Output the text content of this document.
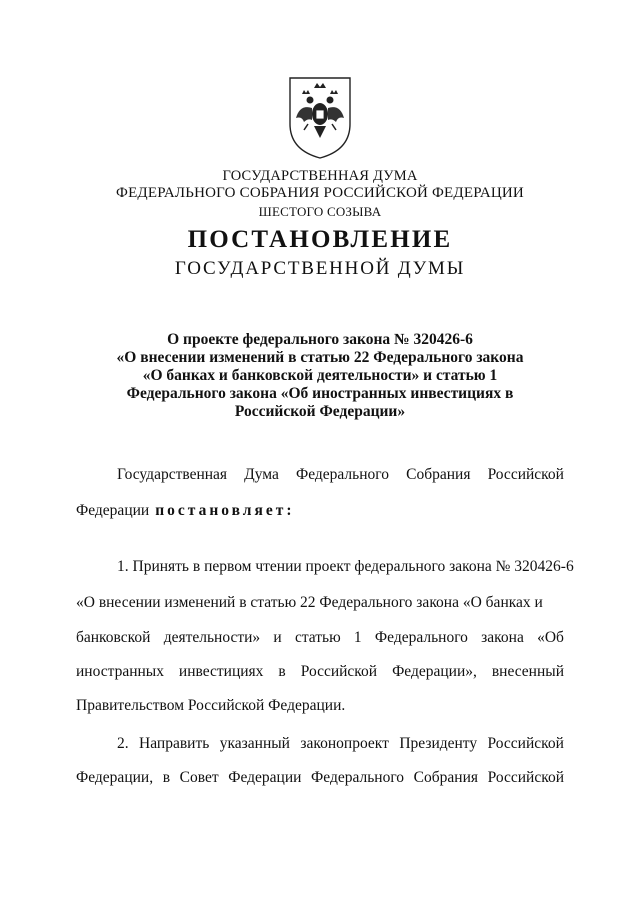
ГОСУДАРСТВЕННАЯ ДУМА
ФЕДЕРАЛЬНОГО СОБРАНИЯ РОССИЙСКОЙ ФЕДЕРАЦИИ
ШЕСТОГО СОЗЫВА
ПОСТАНОВЛЕНИЕ
ГОСУДАРСТВЕННОЙ ДУМЫ
О проекте федерального закона № 320426-6
«О внесении изменений в статью 22 Федерального закона
«О банках и банковской деятельности» и статью 1
Федерального закона «Об иностранных инвестициях в
Российской Федерации»
Государственная Дума Федерального Собрания Российской
Федерации постановляет:
1. Принять в первом чтении проект федерального закона № 320426-6
«О внесении изменений в статью 22 Федерального закона «О банках и
банковской деятельности» и статью 1 Федерального закона «Об
иностранных инвестициях в Российской Федерации», внесенный
Правительством Российской Федерации.
2. Направить указанный законопроект Президенту Российской
Федерации, в Совет Федерации Федерального Собрания Российской
